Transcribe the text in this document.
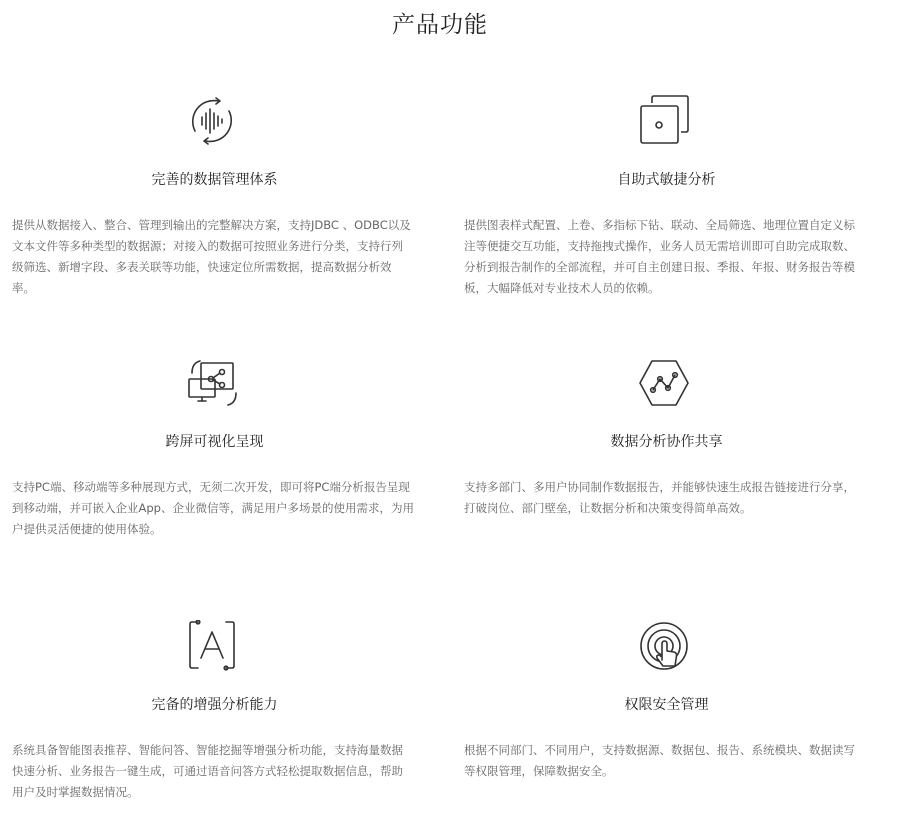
产品功能
完善的数据管理体系
提供从数据接入、整合、管理到输出的完整解决方案，支持JDBC 、ODBC以及文本文件等多种类型的数据源；对接入的数据可按照业务进行分类，支持行列级筛选、新增字段、多表关联等功能，快速定位所需数据，提高数据分析效率。
自助式敏捷分析
提供图表样式配置、上卷、多指标下钻、联动、全局筛选、地理位置自定义标注等便捷交互功能，支持拖拽式操作，业务人员无需培训即可自助完成取数、分析到报告制作的全部流程，并可自主创建日报、季报、年报、财务报告等模板，大幅降低对专业技术人员的依赖。
跨屏可视化呈现
支持PC端、移动端等多种展现方式，无须二次开发，即可将PC端分析报告呈现到移动端，并可嵌入企业App、企业微信等，满足用户多场景的使用需求，为用户提供灵活便捷的使用体验。
数据分析协作共享
支持多部门、多用户协同制作数据报告，并能够快速生成报告链接进行分享，打破岗位、部门壁垒，让数据分析和决策变得简单高效。
完备的增强分析能力
系统具备智能图表推荐、智能问答、智能挖掘等增强分析功能，支持海量数据快速分析、业务报告一键生成，可通过语音问答方式轻松提取数据信息，帮助用户及时掌握数据情况。
权限安全管理
根据不同部门、不同用户，支持数据源、数据包、报告、系统模块、数据读写等权限管理，保障数据安全。
